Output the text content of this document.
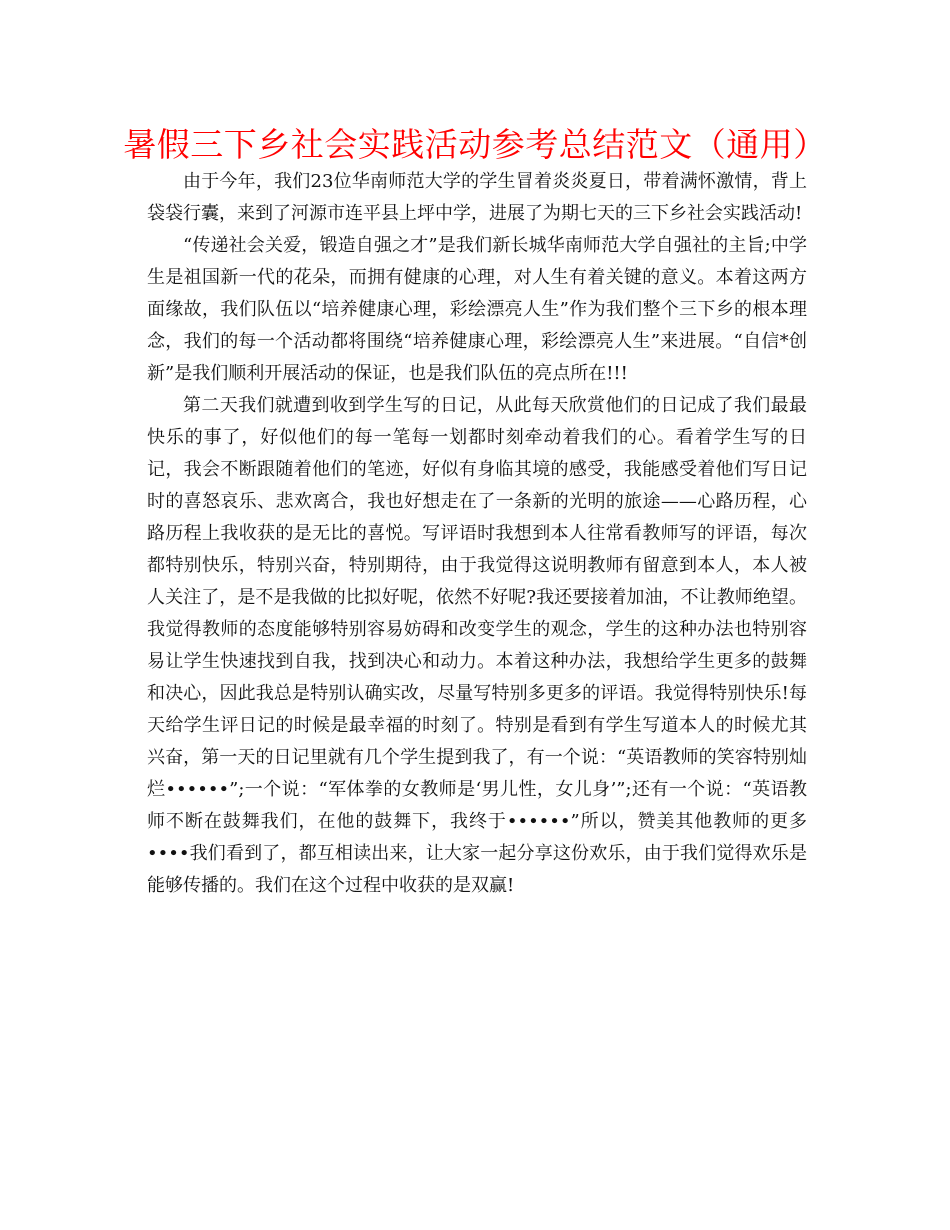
暑假三下乡社会实践活动参考总结范文（通用）

由于今年，我们23位华南师范大学的学生冒着炎炎夏日，带着满怀激情，背上袋袋行囊，来到了河源市连平县上坪中学，进展了为期七天的三下乡社会实践活动!

“传递社会关爱，锻造自强之才”是我们新长城华南师范大学自强社的主旨;中学生是祖国新一代的花朵，而拥有健康的心理，对人生有着关键的意义。本着这两方面缘故，我们队伍以“培养健康心理，彩绘漂亮人生”作为我们整个三下乡的根本理念，我们的每一个活动都将围绕“培养健康心理，彩绘漂亮人生”来进展。“自信*创新”是我们顺利开展活动的保证，也是我们队伍的亮点所在!!!

第二天我们就遭到收到学生写的日记，从此每天欣赏他们的日记成了我们最最快乐的事了，好似他们的每一笔每一划都时刻牵动着我们的心。看着学生写的日记，我会不断跟随着他们的笔迹，好似有身临其境的感受，我能感受着他们写日记时的喜怒哀乐、悲欢离合，我也好想走在了一条新的光明的旅途——心路历程，心路历程上我收获的是无比的喜悦。写评语时我想到本人往常看教师写的评语，每次都特别快乐，特别兴奋，特别期待，由于我觉得这说明教师有留意到本人，本人被人关注了，是不是我做的比拟好呢，依然不好呢?我还要接着加油，不让教师绝望。我觉得教师的态度能够特别容易妨碍和改变学生的观念，学生的这种办法也特别容易让学生快速找到自我，找到决心和动力。本着这种办法，我想给学生更多的鼓舞和决心，因此我总是特别认确实改，尽量写特别多更多的评语。我觉得特别快乐!每天给学生评日记的时候是最幸福的时刻了。特别是看到有学生写道本人的时候尤其兴奋，第一天的日记里就有几个学生提到我了，有一个说：“英语教师的笑容特别灿烂••••••”;一个说：“军体拳的女教师是‘男儿性，女儿身’”;还有一个说：“英语教师不断在鼓舞我们，在他的鼓舞下，我终于••••••”所以，赞美其他教师的更多••••我们看到了，都互相读出来，让大家一起分享这份欢乐，由于我们觉得欢乐是能够传播的。我们在这个过程中收获的是双赢!
